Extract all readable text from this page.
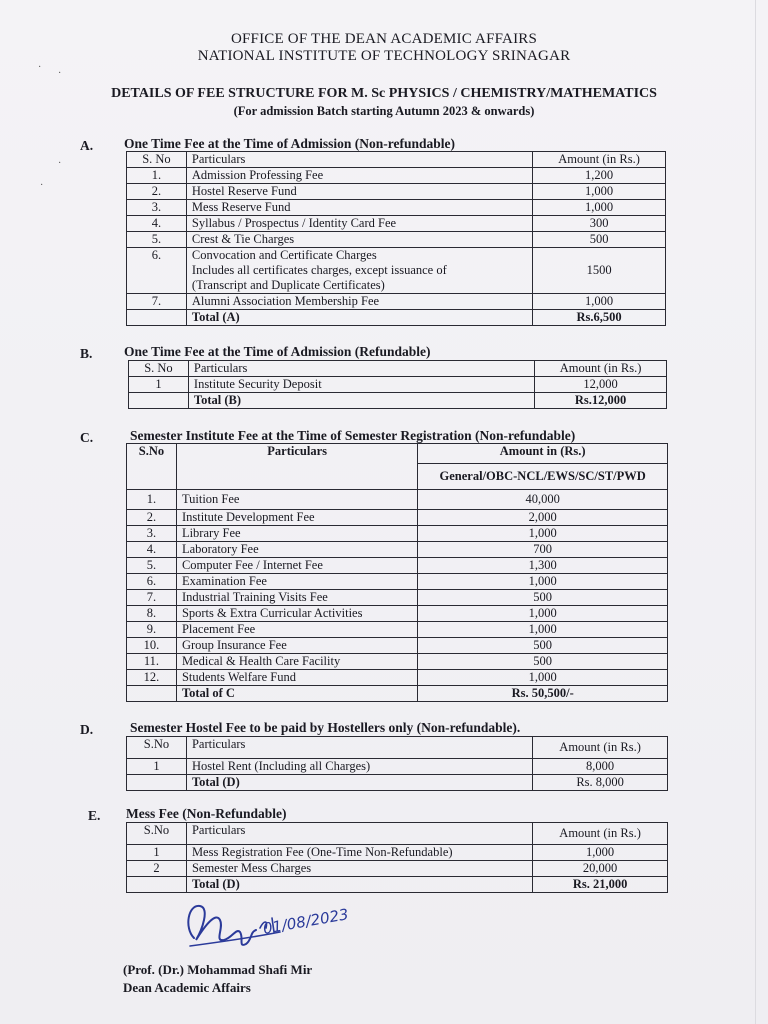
·
·
·
·
OFFICE OF THE DEAN ACADEMIC AFFAIRS
NATIONAL INSTITUTE OF TECHNOLOGY SRINAGAR
DETAILS OF FEE STRUCTURE FOR M. Sc PHYSICS / CHEMISTRY/MATHEMATICS
(For admission Batch starting Autumn 2023 & onwards)
A. One Time Fee at the Time of Admission (Non-refundable)
S. No	Particulars	Amount (in Rs.)
1.	Admission Professing Fee	1,200
2.	Hostel Reserve Fund	1,000
3.	Mess Reserve Fund	1,000
4.	Syllabus / Prospectus / Identity Card Fee	300
5.	Crest & Tie Charges	500
6.	Convocation and Certificate Charges
Includes all certificates charges, except issuance of
(Transcript and Duplicate Certificates)	1500
7.	Alumni Association Membership Fee	1,000
	Total (A)	Rs.6,500
B. One Time Fee at the Time of Admission (Refundable)
S. No	Particulars	Amount (in Rs.)
1	Institute Security Deposit	12,000
	Total (B)	Rs.12,000
C.	Semester Institute Fee at the Time of Semester Registration (Non-refundable)
S.No	Particulars	Amount in (Rs.)
		General/OBC-NCL/EWS/SC/ST/PWD
1.	Tuition Fee	40,000
2.	Institute Development Fee	2,000
3.	Library Fee	1,000
4.	Laboratory Fee	700
5.	Computer Fee / Internet Fee	1,300
6.	Examination Fee	1,000
7.	Industrial Training Visits Fee	500
8.	Sports & Extra Curricular Activities	1,000
9.	Placement Fee	1,000
10.	Group Insurance Fee	500
11.	Medical & Health Care Facility	500
12.	Students Welfare Fund	1,000
	Total of C	Rs. 50,500/-
D.	Semester Hostel Fee to be paid by Hostellers only (Non-refundable).
S.No	Particulars	Amount (in Rs.)
1	Hostel Rent (Including all Charges)	8,000
	Total (D)	Rs. 8,000
E. Mess Fee (Non-Refundable)
S.No	Particulars	Amount (in Rs.)
1	Mess Registration Fee (One-Time Non-Refundable)	1,000
2	Semester Mess Charges	20,000
	Total (D)	Rs. 21,000
01/08/2023
(Prof. (Dr.) Mohammad Shafi Mir
Dean Academic Affairs
